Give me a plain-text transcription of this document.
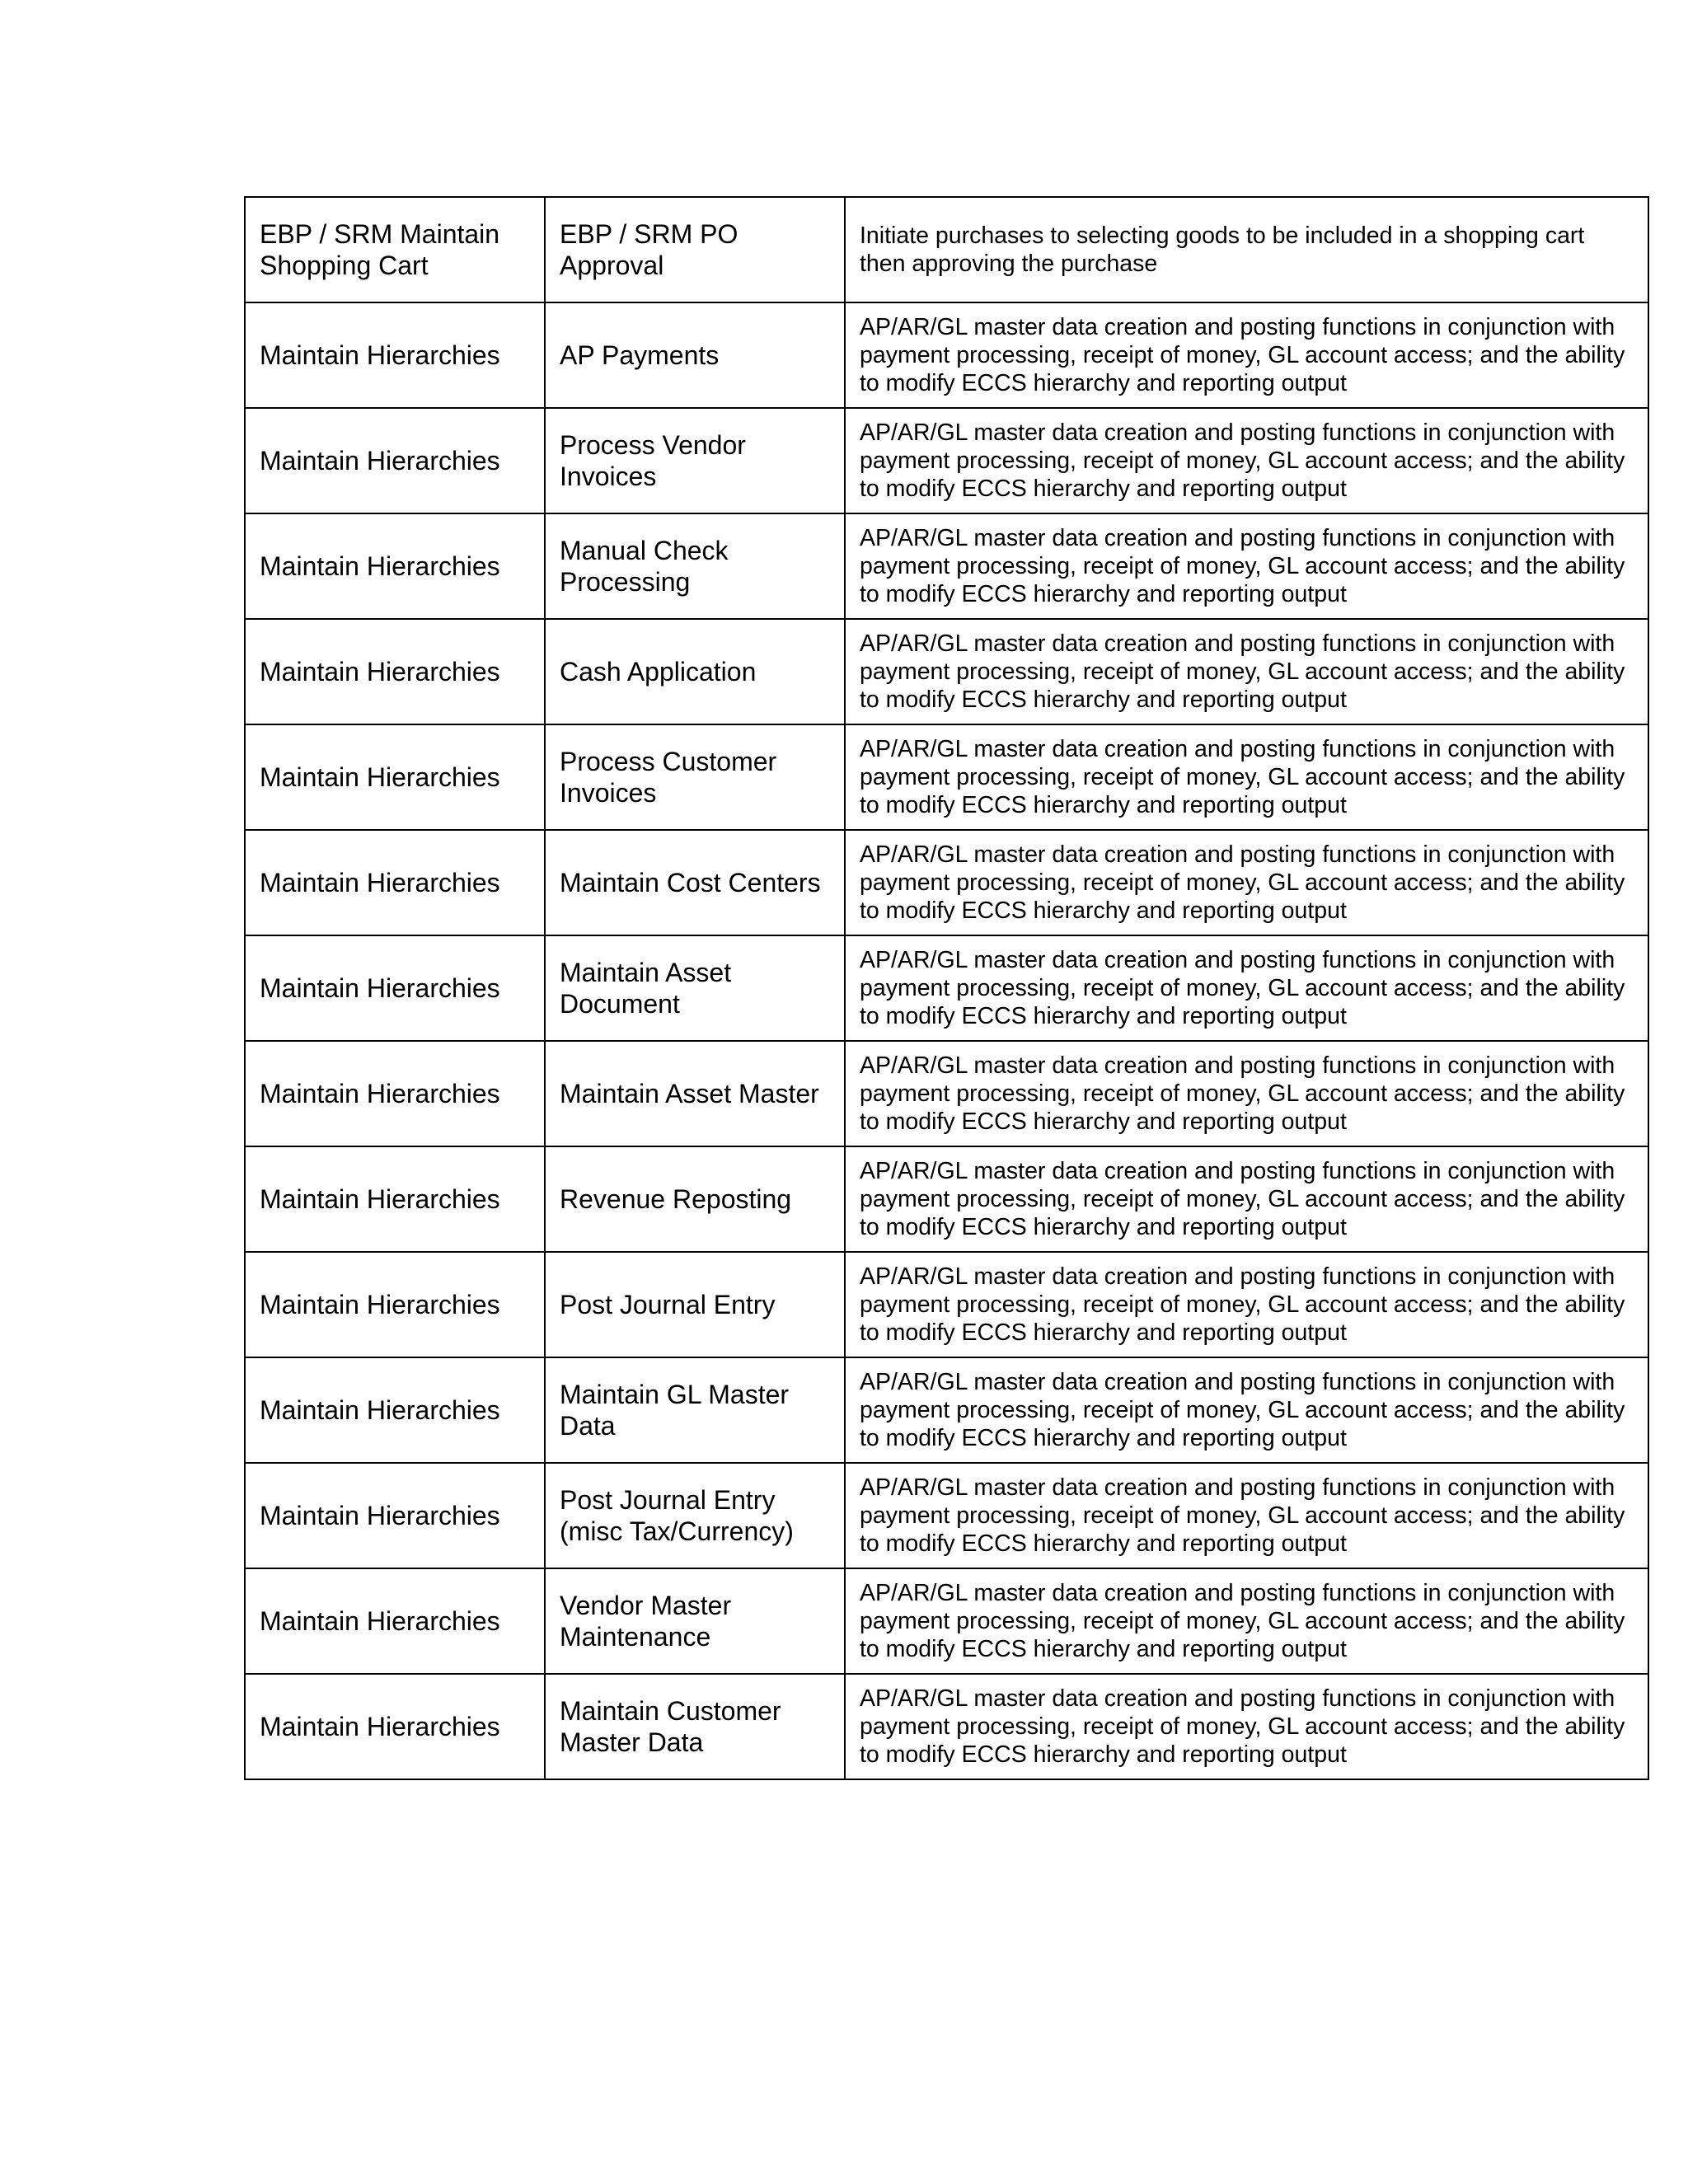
EBP / SRM Maintain Shopping Cart	EBP / SRM PO Approval	Initiate purchases to selecting goods to be included in a shopping cart then approving the purchase
Maintain Hierarchies	AP Payments	AP/AR/GL master data creation and posting functions in conjunction with payment processing, receipt of money, GL account access; and the ability to modify ECCS hierarchy and reporting output
Maintain Hierarchies	Process Vendor Invoices	AP/AR/GL master data creation and posting functions in conjunction with payment processing, receipt of money, GL account access; and the ability to modify ECCS hierarchy and reporting output
Maintain Hierarchies	Manual Check Processing	AP/AR/GL master data creation and posting functions in conjunction with payment processing, receipt of money, GL account access; and the ability to modify ECCS hierarchy and reporting output
Maintain Hierarchies	Cash Application	AP/AR/GL master data creation and posting functions in conjunction with payment processing, receipt of money, GL account access; and the ability to modify ECCS hierarchy and reporting output
Maintain Hierarchies	Process Customer Invoices	AP/AR/GL master data creation and posting functions in conjunction with payment processing, receipt of money, GL account access; and the ability to modify ECCS hierarchy and reporting output
Maintain Hierarchies	Maintain Cost Centers	AP/AR/GL master data creation and posting functions in conjunction with payment processing, receipt of money, GL account access; and the ability to modify ECCS hierarchy and reporting output
Maintain Hierarchies	Maintain Asset Document	AP/AR/GL master data creation and posting functions in conjunction with payment processing, receipt of money, GL account access; and the ability to modify ECCS hierarchy and reporting output
Maintain Hierarchies	Maintain Asset Master	AP/AR/GL master data creation and posting functions in conjunction with payment processing, receipt of money, GL account access; and the ability to modify ECCS hierarchy and reporting output
Maintain Hierarchies	Revenue Reposting	AP/AR/GL master data creation and posting functions in conjunction with payment processing, receipt of money, GL account access; and the ability to modify ECCS hierarchy and reporting output
Maintain Hierarchies	Post Journal Entry	AP/AR/GL master data creation and posting functions in conjunction with payment processing, receipt of money, GL account access; and the ability to modify ECCS hierarchy and reporting output
Maintain Hierarchies	Maintain GL Master Data	AP/AR/GL master data creation and posting functions in conjunction with payment processing, receipt of money, GL account access; and the ability to modify ECCS hierarchy and reporting output
Maintain Hierarchies	Post Journal Entry (misc Tax/Currency)	AP/AR/GL master data creation and posting functions in conjunction with payment processing, receipt of money, GL account access; and the ability to modify ECCS hierarchy and reporting output
Maintain Hierarchies	Vendor Master Maintenance	AP/AR/GL master data creation and posting functions in conjunction with payment processing, receipt of money, GL account access; and the ability to modify ECCS hierarchy and reporting output
Maintain Hierarchies	Maintain Customer Master Data	AP/AR/GL master data creation and posting functions in conjunction with payment processing, receipt of money, GL account access; and the ability to modify ECCS hierarchy and reporting output
